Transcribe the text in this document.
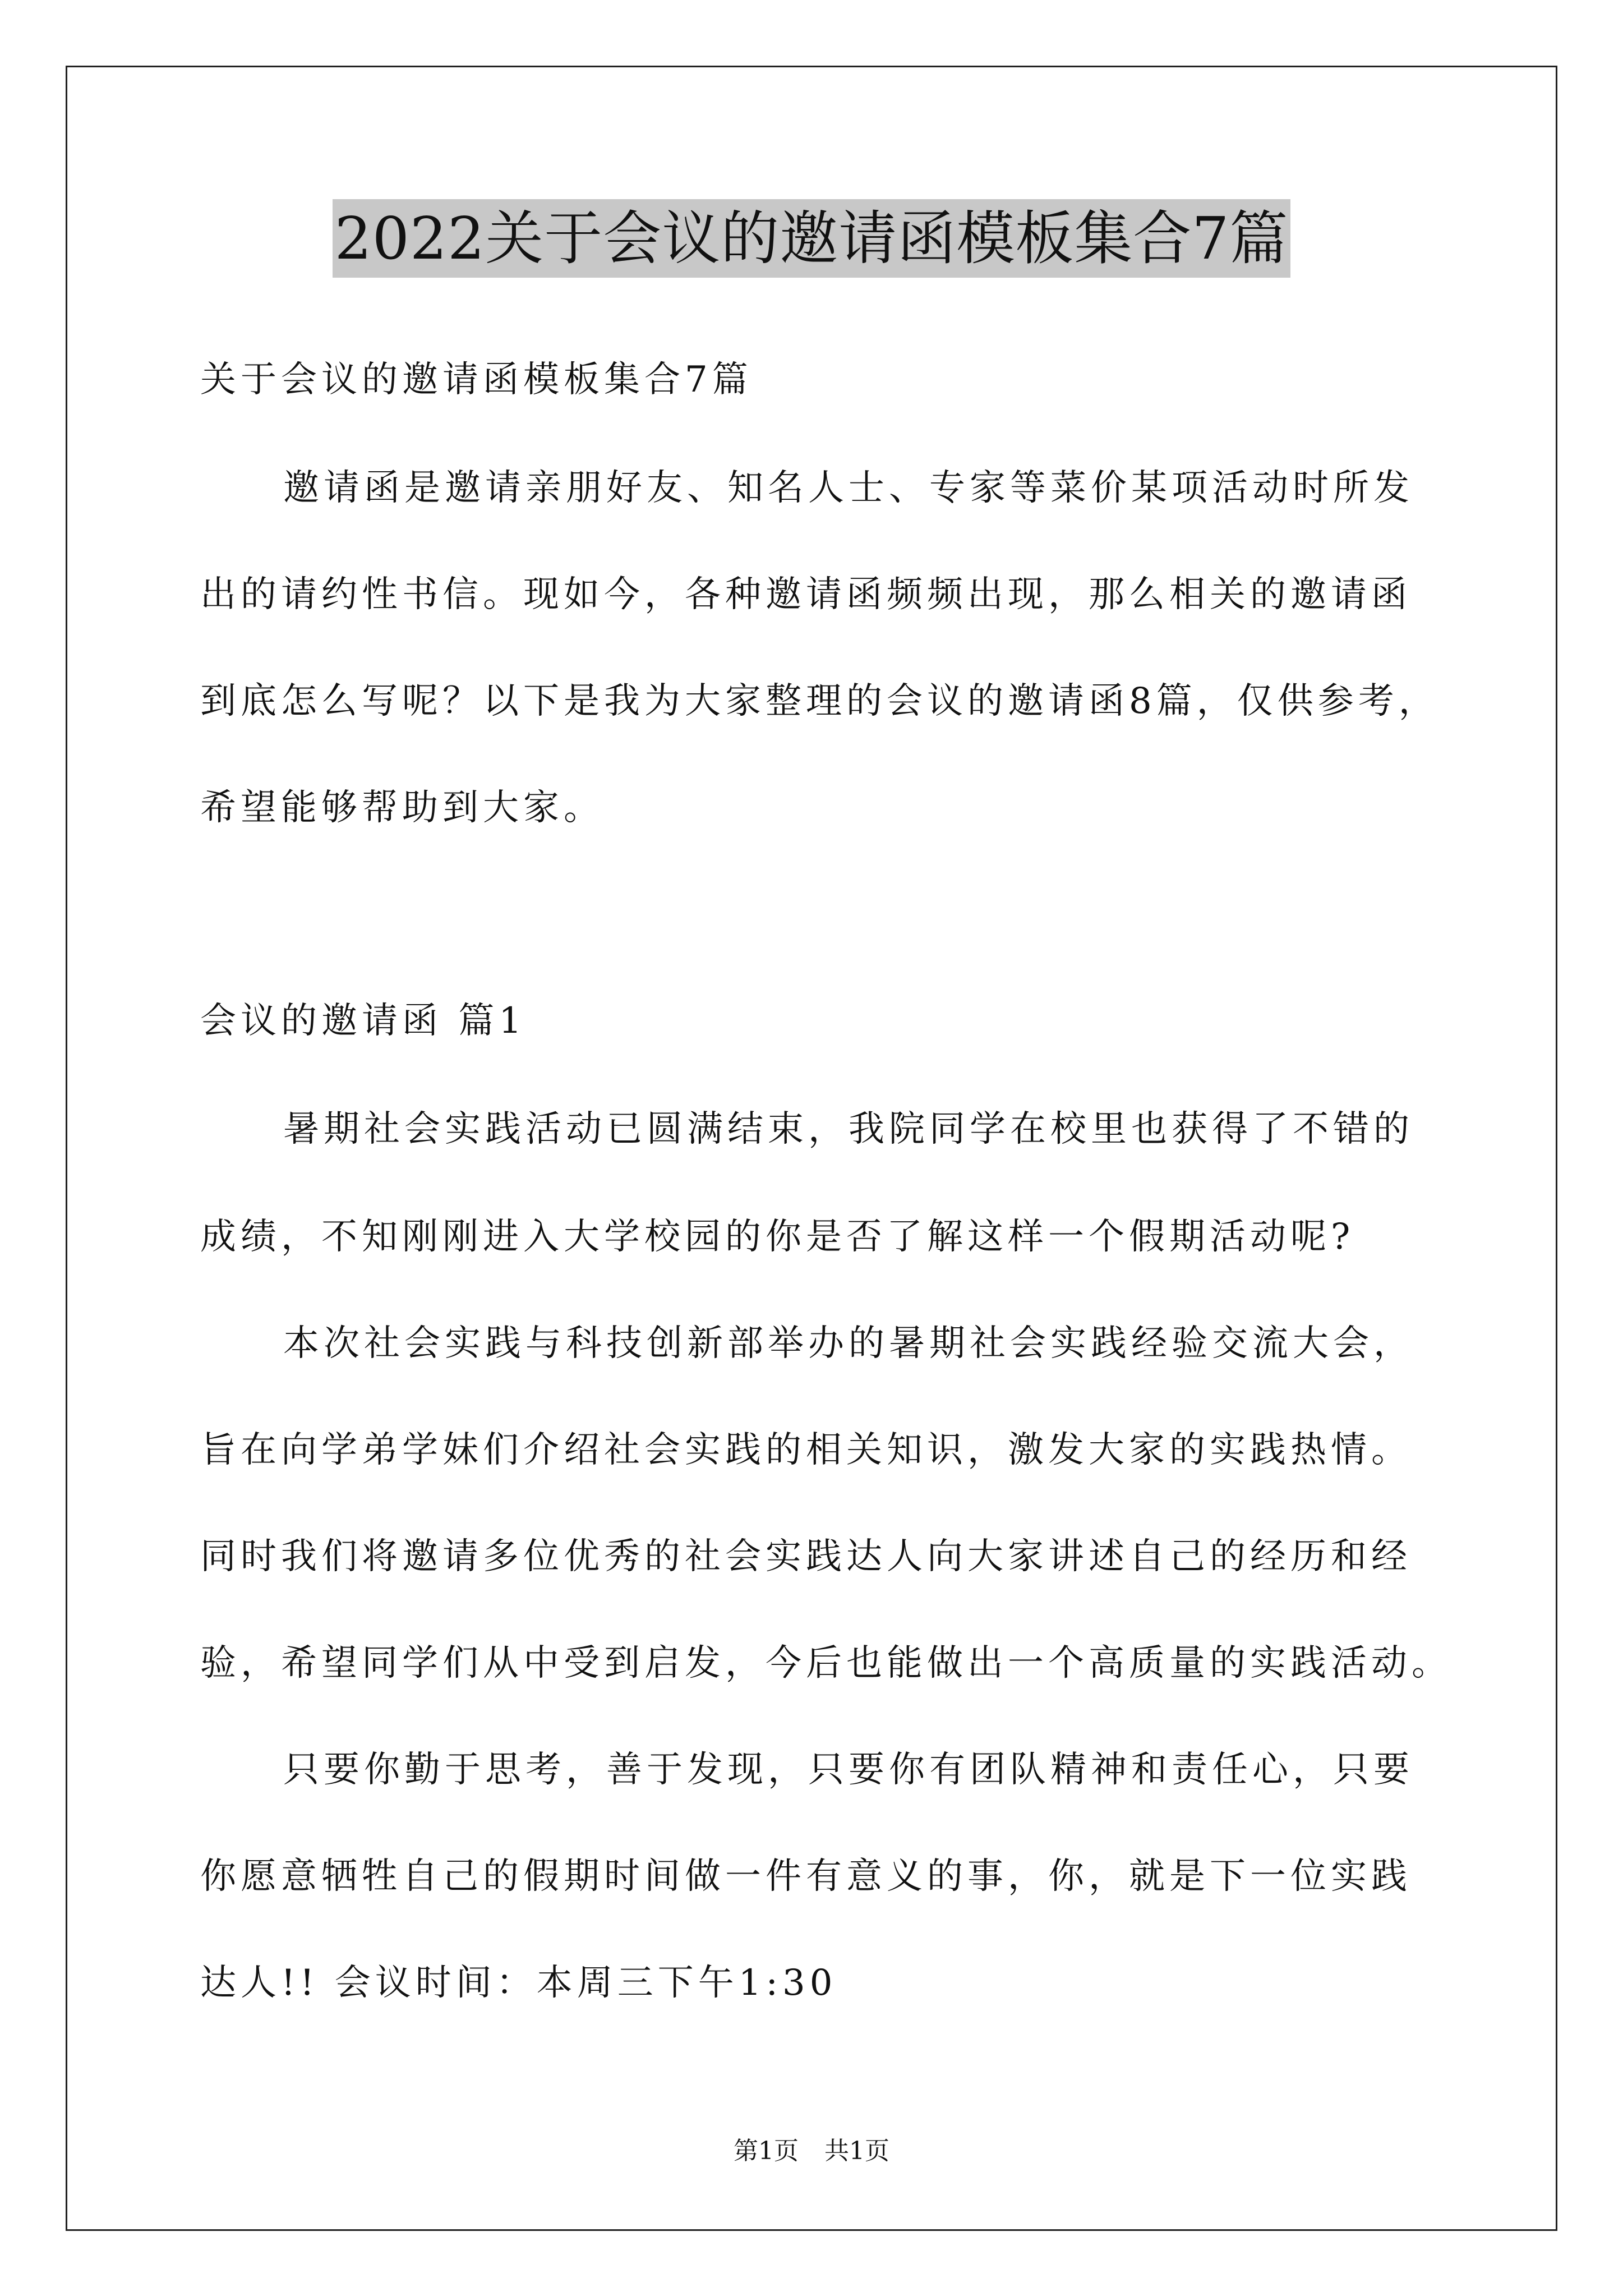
2022关于会议的邀请函模板集合7篇
关于会议的邀请函模板集合7篇
邀请函是邀请亲朋好友、知名人士、专家等菜价某项活动时所发
出的请约性书信。现如今，各种邀请函频频出现，那么相关的邀请函
到底怎么写呢？以下是我为大家整理的会议的邀请函8篇，仅供参考，
希望能够帮助到大家。
会议的邀请函 篇1
暑期社会实践活动已圆满结束，我院同学在校里也获得了不错的
成绩，不知刚刚进入大学校园的你是否了解这样一个假期活动呢?
本次社会实践与科技创新部举办的暑期社会实践经验交流大会，
旨在向学弟学妹们介绍社会实践的相关知识，激发大家的实践热情。
同时我们将邀请多位优秀的社会实践达人向大家讲述自己的经历和经
验，希望同学们从中受到启发，今后也能做出一个高质量的实践活动。
只要你勤于思考，善于发现，只要你有团队精神和责任心，只要
你愿意牺牲自己的假期时间做一件有意义的事，你，就是下一位实践
达人!! 会议时间：本周三下午1:30
第1页 共1页
